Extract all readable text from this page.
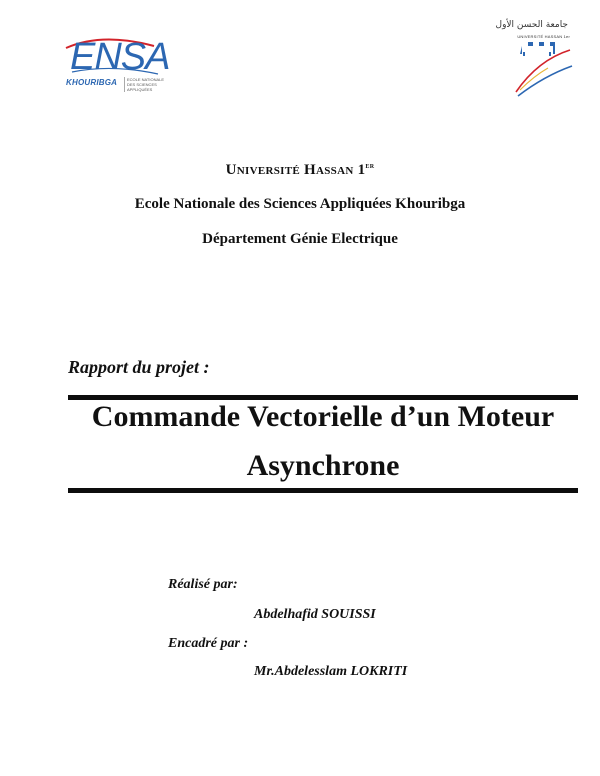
ENSA
KHOURIBGA	ECOLE NATIONALE DES SCIENCES APPLIQUÉES
جامعة الحسن الأول
UNIVERSITÉ HASSAN 1er
Université Hassan 1er
Ecole Nationale des Sciences Appliquées Khouribga
Département Génie Electrique
Rapport du projet :
Commande Vectorielle d’un Moteur
Asynchrone
Réalisé par:
Abdelhafid SOUISSI
Encadré par :
Mr.Abdelesslam LOKRITI
